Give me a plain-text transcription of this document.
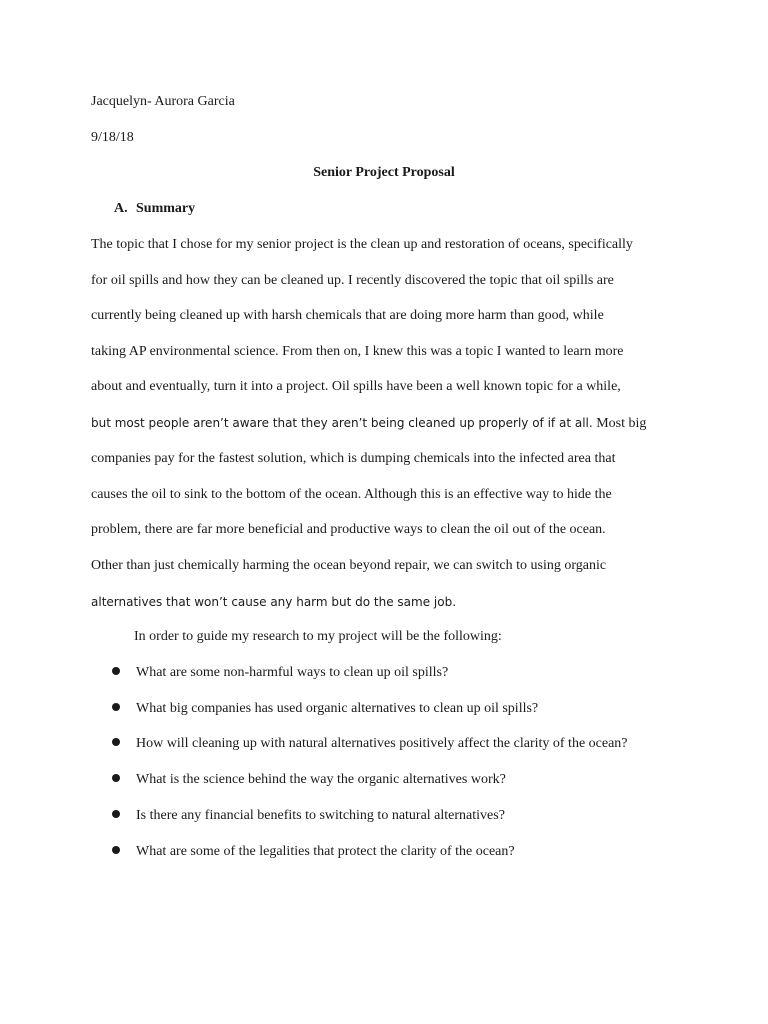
Jacquelyn- Aurora Garcia
9/18/18
Senior Project Proposal
A. Summary
The topic that I chose for my senior project is the clean up and restoration of oceans, specifically
for oil spills and how they can be cleaned up. I recently discovered the topic that oil spills are
currently being cleaned up with harsh chemicals that are doing more harm than good, while
taking AP environmental science. From then on, I knew this was a topic I wanted to learn more
about and eventually, turn it into a project. Oil spills have been a well known topic for a while,
but most people aren’t aware that they aren’t being cleaned up properly of if at all. Most big
companies pay for the fastest solution, which is dumping chemicals into the infected area that
causes the oil to sink to the bottom of the ocean. Although this is an effective way to hide the
problem, there are far more beneficial and productive ways to clean the oil out of the ocean.
Other than just chemically harming the ocean beyond repair, we can switch to using organic
alternatives that won’t cause any harm but do the same job.
In order to guide my research to my project will be the following:
What are some non-harmful ways to clean up oil spills?
What big companies has used organic alternatives to clean up oil spills?
How will cleaning up with natural alternatives positively affect the clarity of the ocean?
What is the science behind the way the organic alternatives work?
Is there any financial benefits to switching to natural alternatives?
What are some of the legalities that protect the clarity of the ocean?
